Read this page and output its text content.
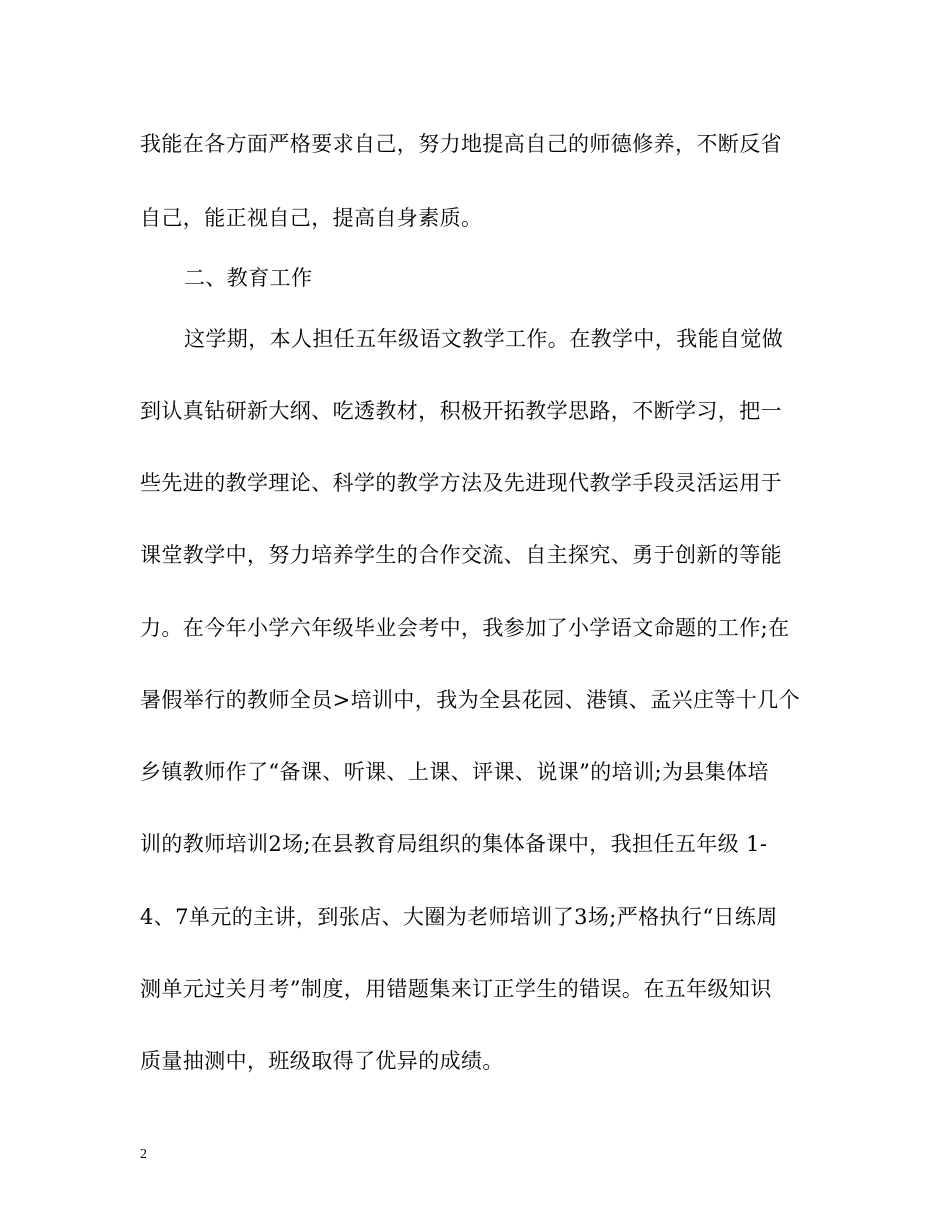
我能在各方面严格要求自己，努力地提高自己的师德修养，不断反省
自己，能正视自己，提高自身素质。
二、教育工作
这学期，本人担任五年级语文教学工作。在教学中，我能自觉做
到认真钻研新大纲、吃透教材，积极开拓教学思路，不断学习，把一
些先进的教学理论、科学的教学方法及先进现代教学手段灵活运用于
课堂教学中，努力培养学生的合作交流、自主探究、勇于创新的等能
力。在今年小学六年级毕业会考中，我参加了小学语文命题的工作;在
暑假举行的教师全员>培训中，我为全县花园、港镇、孟兴庄等十几个
乡镇教师作了“备课、听课、上课、评课、说课”的培训;为县集体培
训的教师培训2场;在县教育局组织的集体备课中，我担任五年级 1-
4、7单元的主讲，到张店、大圈为老师培训了3场;严格执行“日练周
测单元过关月考”制度，用错题集来订正学生的错误。在五年级知识
质量抽测中，班级取得了优异的成绩。
2
